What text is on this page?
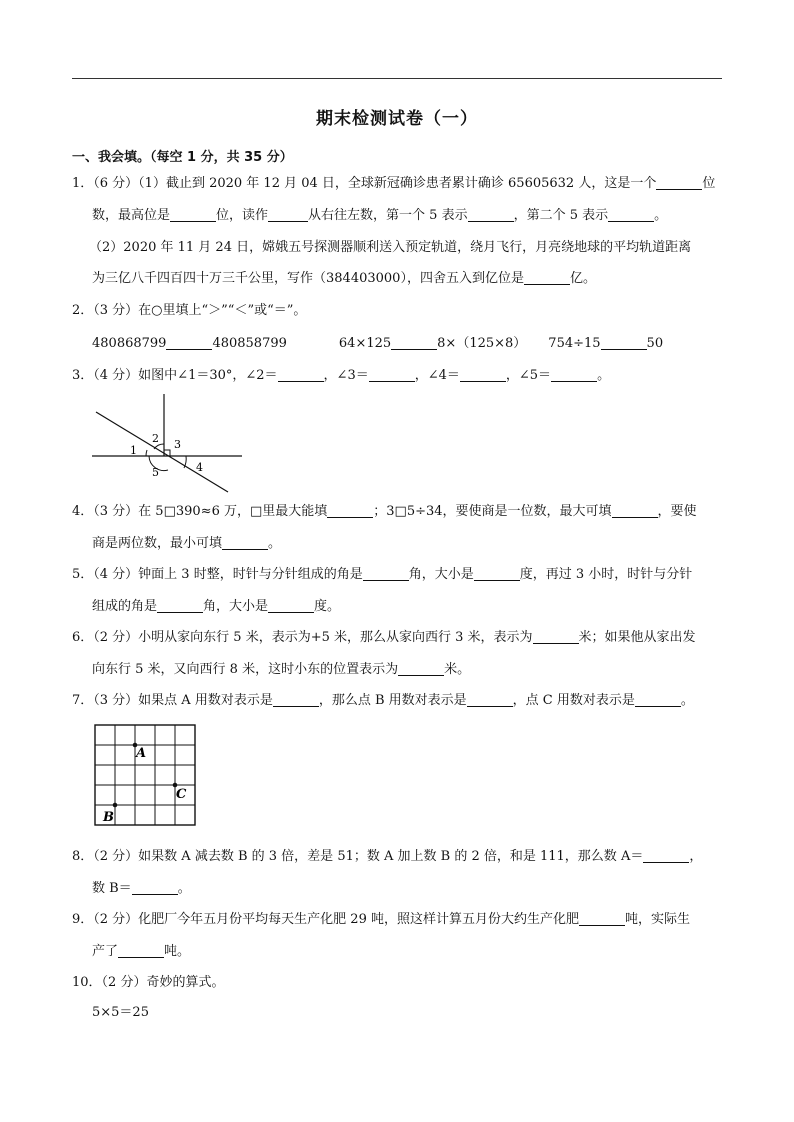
期末检测试卷（一）
一、我会填。（每空 1 分，共 35 分）
1．（6 分）（1）截止到 2020 年 12 月 04 日，全球新冠确诊患者累计确诊 65605632 人，这是一个	位
数，最高位是	位，读作	从右往左数，第一个 5 表示	，第二个 5 表示	。
（2）2020 年 11 月 24 日，嫦娥五号探测器顺利送入预定轨道，绕月飞行，月亮绕地球的平均轨道距离
为三亿八千四百四十万三千公里，写作（384403000），四舍五入到亿位是	亿。
2．（3 分）在○里填上“＞”“＜”或“＝”。
480868799	480858799	64×125	8×（125×8） 754÷15	50
3．（4 分）如图中∠1＝30°，∠2＝	，∠3＝	，∠4＝	，∠5＝	。
1
2 3
4
5
4．（3 分）在 5□390≈6 万，□里最大能填	；3□5÷34，要使商是一位数，最大可填	，要使
商是两位数，最小可填	。
5．（4 分）钟面上 3 时整，时针与分针组成的角是	角，大小是	度，再过 3 小时，时针与分针
组成的角是	角，大小是	度。
6．（2 分）小明从家向东行 5 米，表示为+5 米，那么从家向西行 3 米，表示为	米；如果他从家出发
向东行 5 米，又向西行 8 米，这时小东的位置表示为	米。
7．（3 分）如果点 A 用数对表示是	，那么点 B 用数对表示是	，点 C 用数对表示是	。
A
B
C
8．（2 分）如果数 A 减去数 B 的 3 倍，差是 51；数 A 加上数 B 的 2 倍，和是 111，那么数 A＝	，
数 B＝	。
9．（2 分）化肥厂今年五月份平均每天生产化肥 29 吨，照这样计算五月份大约生产化肥	吨，实际生
产了	吨。
10．（2 分）奇妙的算式。
5×5＝25
